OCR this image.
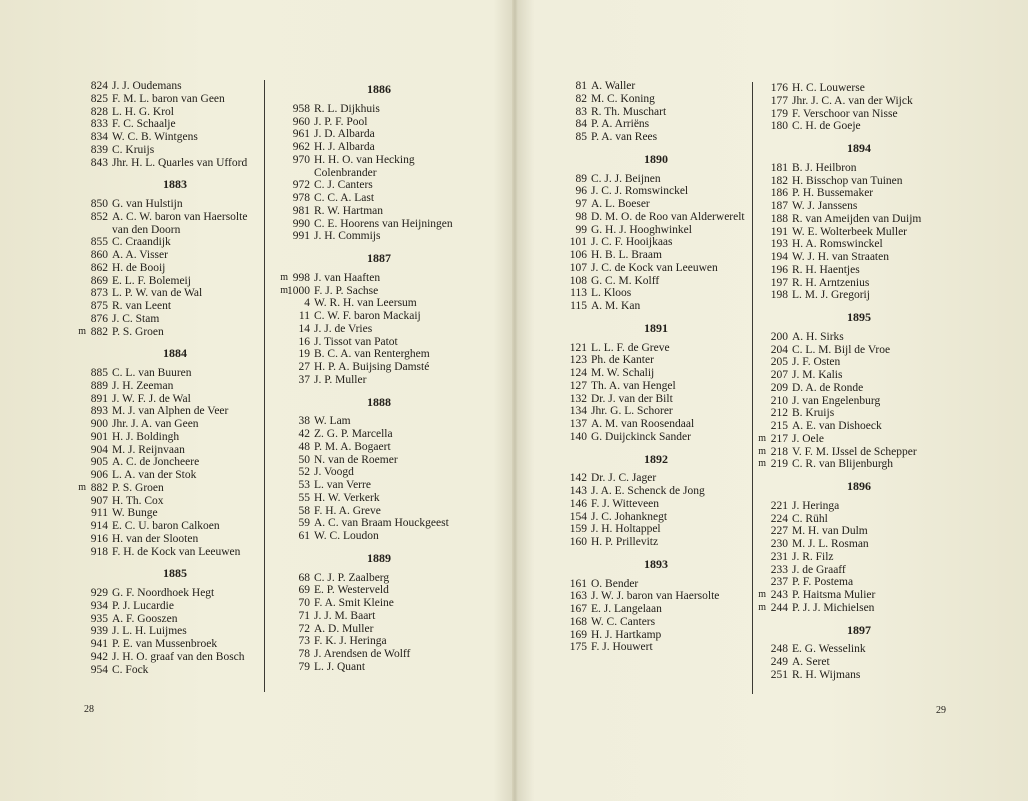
824 J. J. Oudemans
825 F. M. L. baron van Geen
828 L. H. G. Krol
833 F. C. Schaalje
834 W. C. B. Wintgens
839 C. Kruijs
843 Jhr. H. L. Quarles van Ufford
1883
850 G. van Hulstijn
852 A. C. W. baron van Haersolte van den Doorn
855 C. Craandijk
860 A. A. Visser
862 H. de Booij
869 E. L. F. Bolemeij
873 L. P. W. van de Wal
875 R. van Leent
876 J. C. Stam
m 882 P. S. Groen
1884
885 C. L. van Buuren
889 J. H. Zeeman
891 J. W. F. J. de Wal
893 M. J. van Alphen de Veer
900 Jhr. J. A. van Geen
901 H. J. Boldingh
904 M. J. Reijnvaan
905 A. C. de Joncheere
906 L. A. van der Stok
m 882 P. S. Groen
907 H. Th. Cox
911 W. Bunge
914 E. C. U. baron Calkoen
916 H. van der Slooten
918 F. H. de Kock van Leeuwen
1885
929 G. F. Noordhoek Hegt
934 P. J. Lucardie
935 A. F. Gooszen
939 J. L. H. Luijmes
941 P. E. van Mussenbroek
942 J. H. O. graaf van den Bosch
954 C. Fock
1886
958 R. L. Dijkhuis
960 J. P. F. Pool
961 J. D. Albarda
962 H. J. Albarda
970 H. H. O. van Hecking Colenbrander
972 C. J. Canters
978 C. C. A. Last
981 R. W. Hartman
990 C. E. Hoorens van Heijningen
991 J. H. Commijs
1887
m 998 J. van Haaften
m 1000 F. J. P. Sachse
4 W. R. H. van Leersum
11 C. W. F. baron Mackaij
14 J. J. de Vries
16 J. Tissot van Patot
19 B. C. A. van Renterghem
27 H. P. A. Buijsing Damsté
37 J. P. Muller
1888
38 W. Lam
42 Z. G. P. Marcella
48 P. M. A. Bogaert
50 N. van de Roemer
52 J. Voogd
53 L. van Verre
55 H. W. Verkerk
58 F. H. A. Greve
59 A. C. van Braam Houckgeest
61 W. C. Loudon
1889
68 C. J. P. Zaalberg
69 E. P. Westerveld
70 F. A. Smit Kleine
71 J. J. M. Baart
72 A. D. Muller
73 F. K. J. Heringa
78 J. Arendsen de Wolff
79 L. J. Quant
28
81 A. Waller
82 M. C. Koning
83 R. Th. Muschart
84 P. A. Arriëns
85 P. A. van Rees
1890
89 C. J. J. Beijnen
96 J. C. J. Romswinckel
97 A. L. Boeser
98 D. M. O. de Roo van Alderwerelt
99 G. H. J. Hooghwinkel
101 J. C. F. Hooijkaas
106 H. B. L. Braam
107 J. C. de Kock van Leeuwen
108 G. C. M. Kolff
113 L. Kloos
115 A. M. Kan
1891
121 L. L. F. de Greve
123 Ph. de Kanter
124 M. W. Schalij
127 Th. A. van Hengel
132 Dr. J. van der Bilt
134 Jhr. G. L. Schorer
137 A. M. van Roosendaal
140 G. Duijckinck Sander
1892
142 Dr. J. C. Jager
143 J. A. E. Schenck de Jong
146 F. J. Witteveen
154 J. C. Johanknegt
159 J. H. Holtappel
160 H. P. Prillevitz
1893
161 O. Bender
163 J. W. J. baron van Haersolte
167 E. J. Langelaan
168 W. C. Canters
169 H. J. Hartkamp
175 F. J. Houwert
176 H. C. Louwerse
177 Jhr. J. C. A. van der Wijck
179 F. Verschoor van Nisse
180 C. H. de Goeje
1894
181 B. J. Heilbron
182 H. Bisschop van Tuinen
186 P. H. Bussemaker
187 W. J. Janssens
188 R. van Ameijden van Duijm
191 W. E. Wolterbeek Muller
193 H. A. Romswinckel
194 W. J. H. van Straaten
196 R. H. Haentjes
197 R. H. Arntzenius
198 L. M. J. Gregorij
1895
200 A. H. Sirks
204 C. L. M. Bijl de Vroe
205 J. F. Osten
207 J. M. Kalis
209 D. A. de Ronde
210 J. van Engelenburg
212 B. Kruijs
215 A. E. van Dishoeck
m 217 J. Oele
m 218 V. F. M. IJssel de Schepper
m 219 C. R. van Blijenburgh
1896
221 J. Heringa
224 C. Rühl
227 M. H. van Dulm
230 M. J. L. Rosman
231 J. R. Filz
233 J. de Graaff
237 P. F. Postema
m 243 P. Haitsma Mulier
m 244 P. J. J. Michielsen
1897
248 E. G. Wesselink
249 A. Seret
251 R. H. Wijmans
29
